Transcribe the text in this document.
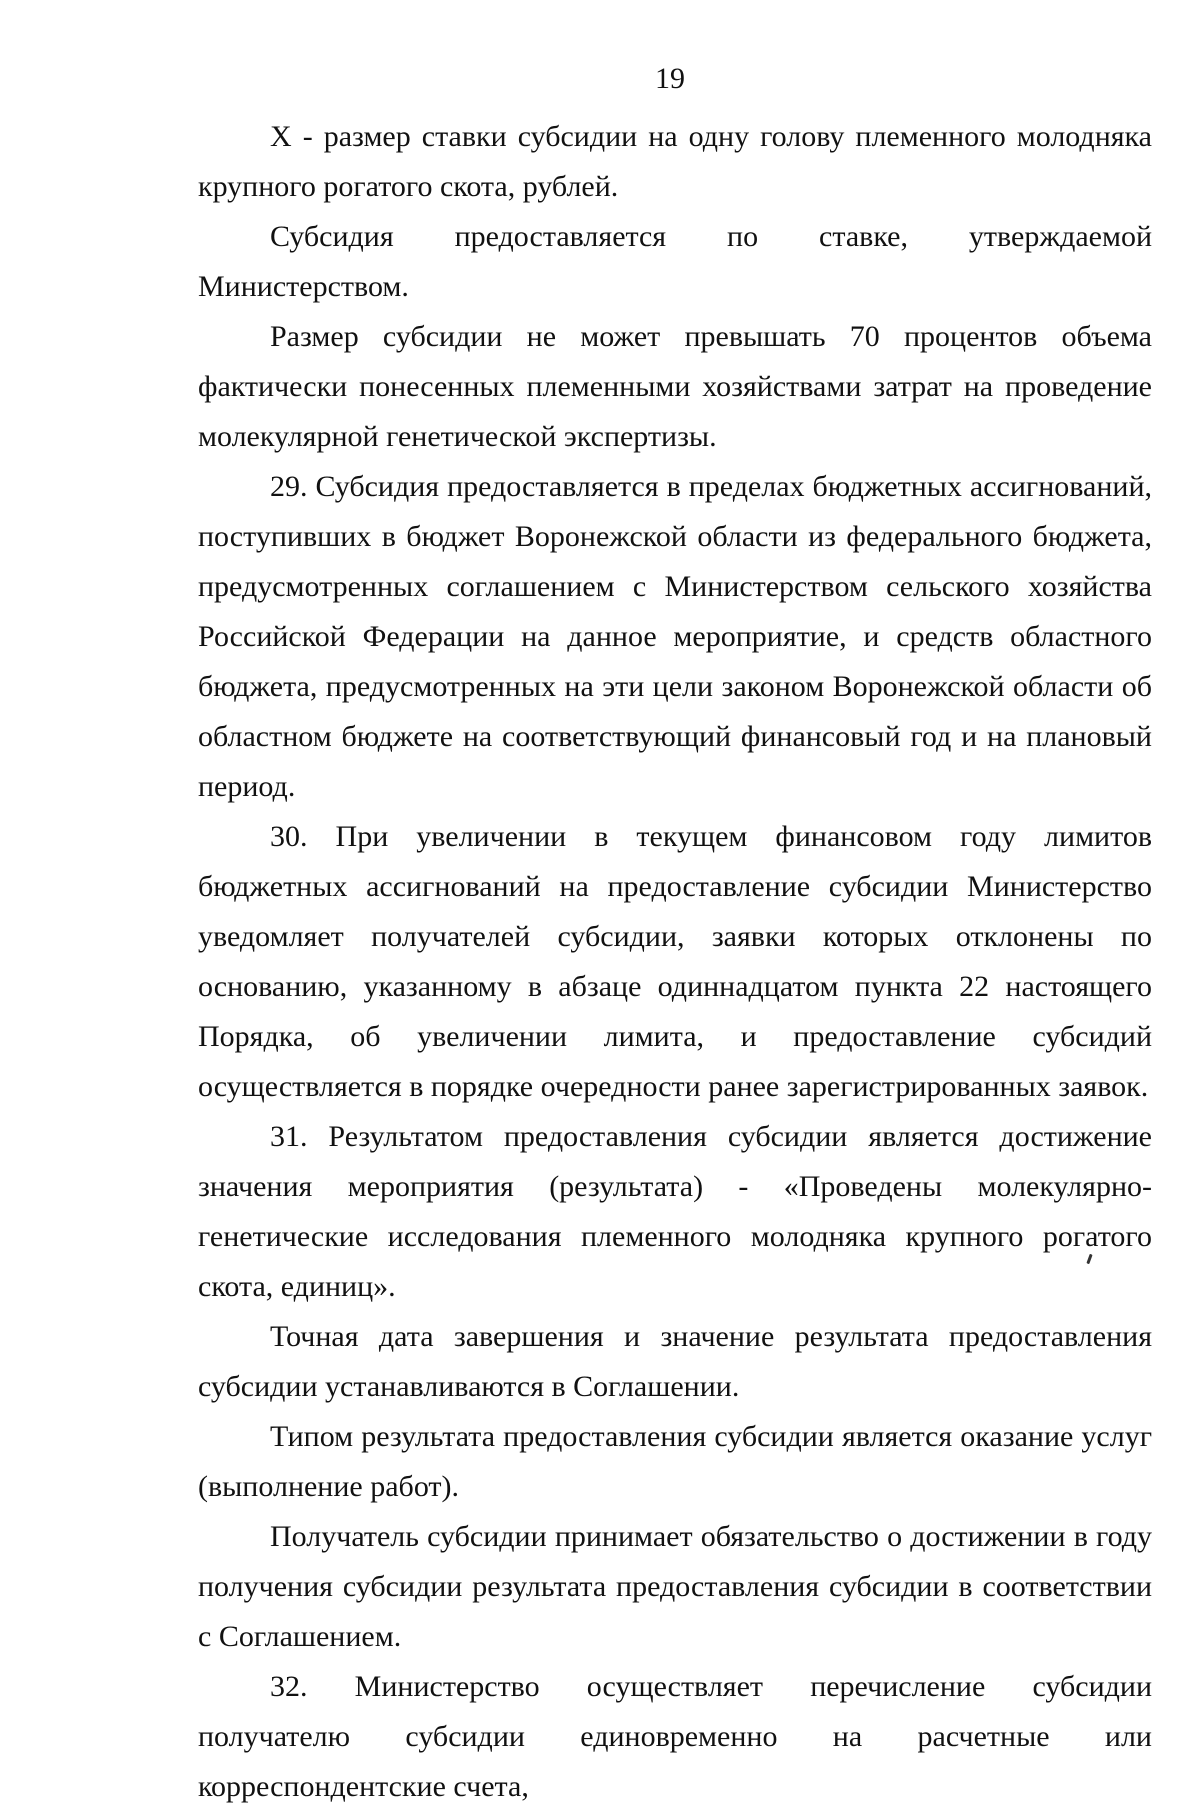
19

Х - размер ставки субсидии на одну голову племенного молодняка крупного рогатого скота, рублей.

Субсидия предоставляется по ставке, утверждаемой Министерством.

Размер субсидии не может превышать 70 процентов объема фактически понесенных племенными хозяйствами затрат на проведение молекулярной генетической экспертизы.

29. Субсидия предоставляется в пределах бюджетных ассигнований, поступивших в бюджет Воронежской области из федерального бюджета, предусмотренных соглашением с Министерством сельского хозяйства Российской Федерации на данное мероприятие, и средств областного бюджета, предусмотренных на эти цели законом Воронежской области об областном бюджете на соответствующий финансовый год и на плановый период.

30. При увеличении в текущем финансовом году лимитов бюджетных ассигнований на предоставление субсидии Министерство уведомляет получателей субсидии, заявки которых отклонены по основанию, указанному в абзаце одиннадцатом пункта 22 настоящего Порядка, об увеличении лимита, и предоставление субсидий осуществляется в порядке очередности ранее зарегистрированных заявок.

31. Результатом предоставления субсидии является достижение значения мероприятия (результата) - «Проведены молекулярно-генетические исследования племенного молодняка крупного рогатого скота, единиц».

Точная дата завершения и значение результата предоставления субсидии устанавливаются в Соглашении.

Типом результата предоставления субсидии является оказание услуг (выполнение работ).

Получатель субсидии принимает обязательство о достижении в году получения субсидии результата предоставления субсидии в соответствии с Соглашением.

32. Министерство осуществляет перечисление субсидии получателю субсидии единовременно на расчетные или корреспондентские счета,
